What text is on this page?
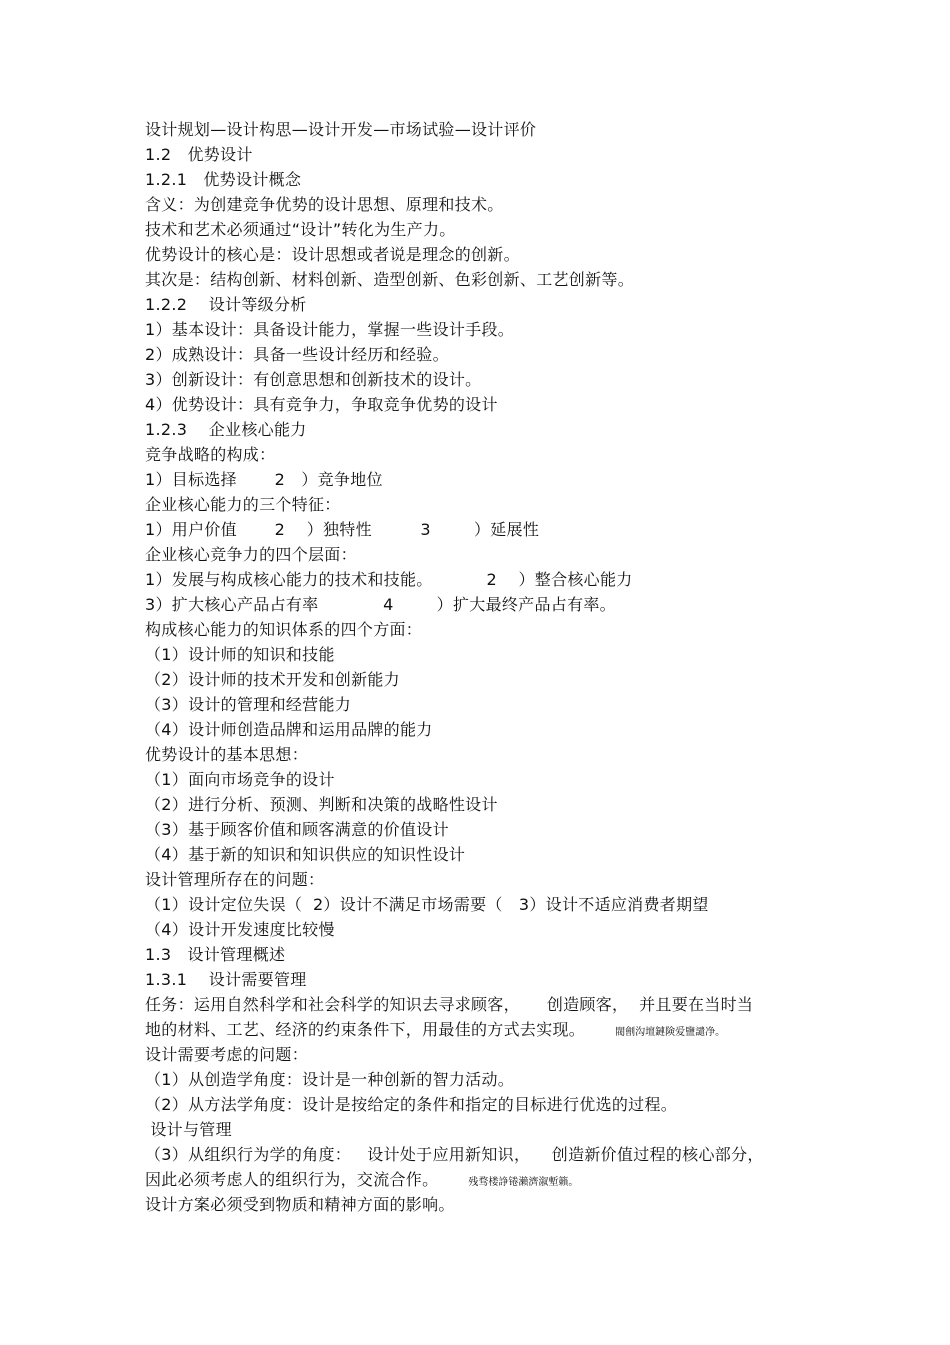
设计规划—设计构思—设计开发—市场试验—设计评价

1.2   优势设计

1.2.1   优势设计概念

含义：为创建竞争优势的设计思想、原理和技术。

技术和艺术必须通过“设计”转化为生产力。

优势设计的核心是：设计思想或者说是理念的创新。

其次是：结构创新、材料创新、造型创新、色彩创新、工艺创新等。

1.2.2    设计等级分析

1）基本设计：具备设计能力，掌握一些设计手段。

2）成熟设计：具备一些设计经历和经验。

3）创新设计：有创意思想和创新技术的设计。

4）优势设计：具有竞争力，争取竞争优势的设计

1.2.3    企业核心能力

竞争战略的构成：

1）目标选择       2   ）竞争地位

企业核心能力的三个特征：

1）用户价值       2    ）独特性         3        ）延展性

企业核心竞争力的四个层面：

1）发展与构成核心能力的技术和技能。          2    ）整合核心能力

3）扩大核心产品占有率            4        ）扩大最终产品占有率。

构成核心能力的知识体系的四个方面：

（1）设计师的知识和技能

（2）设计师的技术开发和创新能力

（3）设计的管理和经营能力

（4）设计师创造品牌和运用品牌的能力

优势设计的基本思想：

（1）面向市场竞争的设计

（2）进行分析、预测、判断和决策的战略性设计

（3）基于顾客价值和顾客满意的价值设计

（4）基于新的知识和知识供应的知识性设计

设计管理所存在的问题：

（1）设计定位失误（  2）设计不满足市场需要（   3）设计不适应消费者期望

（4）设计开发速度比较慢

1.3   设计管理概述

1.3.1    设计需要管理

任务：运用自然科学和社会科学的知识去寻求顾客，     创造顾客，  并且要在当时当

地的材料、工艺、经济的约束条件下，用最佳的方式去实现。	閥劊沟壇鏈険爱鹽譴净。

设计需要考虑的问题：

（1）从创造学角度：设计是一种创新的智力活动。

（2）从方法学角度：设计是按给定的条件和指定的目标进行优选的过程。

设计与管理

（3）从组织行为学的角度：   设计处于应用新知识，    创造新价值过程的核心部分，

因此必须考虑人的组织行为，交流合作。	残骛楼諍锩瀨濟溆塹籟。

设计方案必须受到物质和精神方面的影响。
